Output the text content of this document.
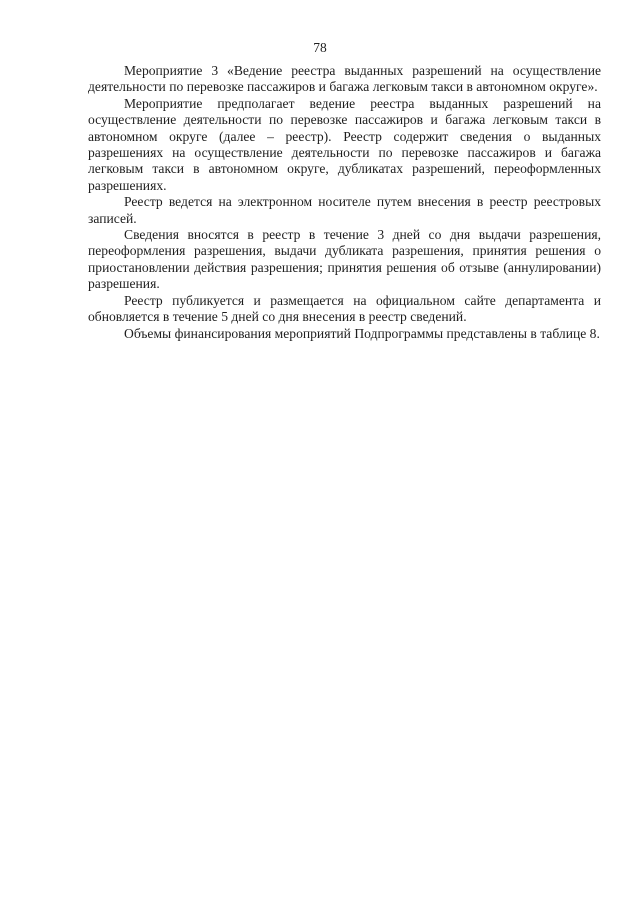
78

Мероприятие 3 «Ведение реестра выданных разрешений на осуществление деятельности по перевозке пассажиров и багажа легковым такси в автономном округе».

Мероприятие предполагает ведение реестра выданных разрешений на осуществление деятельности по перевозке пассажиров и багажа легковым такси в автономном округе (далее – реестр). Реестр содержит сведения о выданных разрешениях на осуществление деятельности по перевозке пассажиров и багажа легковым такси в автономном округе, дубликатах разрешений, переоформленных разрешениях.

Реестр ведется на электронном носителе путем внесения в реестр реестровых записей.

Сведения вносятся в реестр в течение 3 дней со дня выдачи разрешения, переоформления разрешения, выдачи дубликата разрешения, принятия решения о приостановлении действия разрешения; принятия решения об отзыве (аннулировании) разрешения.

Реестр публикуется и размещается на официальном сайте департамента и обновляется в течение 5 дней со дня внесения в реестр сведений.

Объемы финансирования мероприятий Подпрограммы представлены в таблице 8.
